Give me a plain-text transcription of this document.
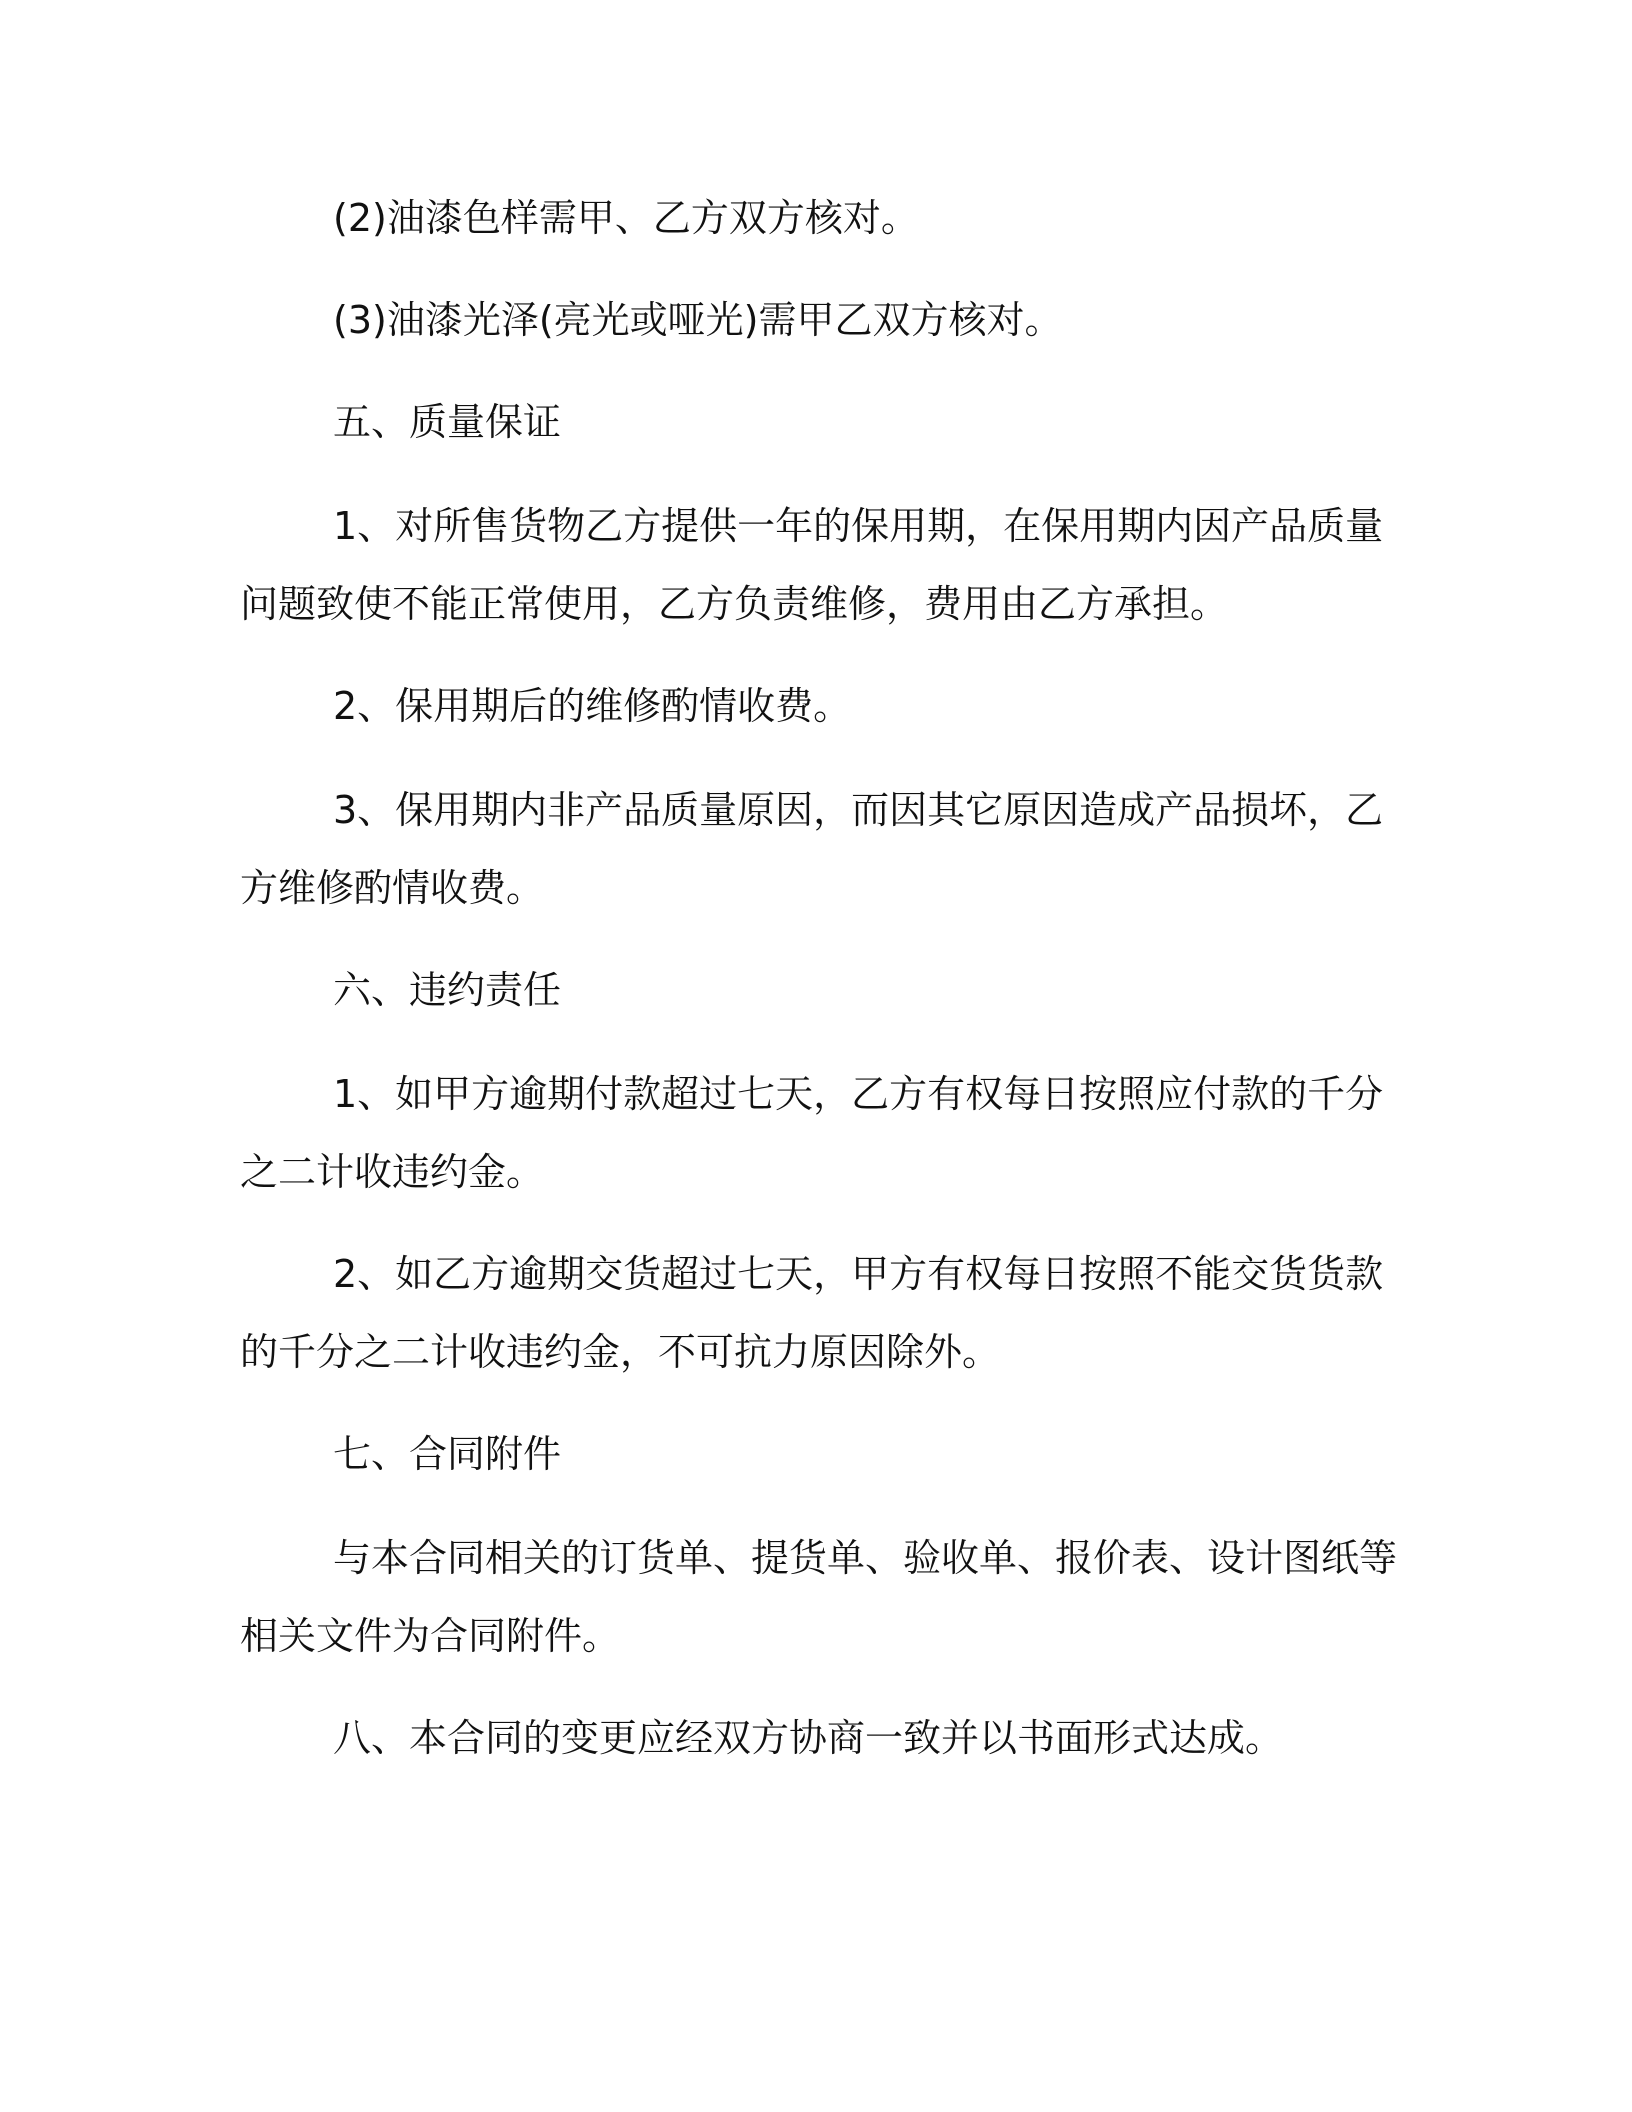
(2)油漆色样需甲、乙方双方核对。
(3)油漆光泽(亮光或哑光)需甲乙双方核对。
五、质量保证
1、对所售货物乙方提供一年的保用期，在保用期内因产品质量
问题致使不能正常使用，乙方负责维修，费用由乙方承担。
2、保用期后的维修酌情收费。
3、保用期内非产品质量原因，而因其它原因造成产品损坏，乙
方维修酌情收费。
六、违约责任
1、如甲方逾期付款超过七天，乙方有权每日按照应付款的千分
之二计收违约金。
2、如乙方逾期交货超过七天，甲方有权每日按照不能交货货款
的千分之二计收违约金，不可抗力原因除外。
七、合同附件
与本合同相关的订货单、提货单、验收单、报价表、设计图纸等
相关文件为合同附件。
八、本合同的变更应经双方协商一致并以书面形式达成。
